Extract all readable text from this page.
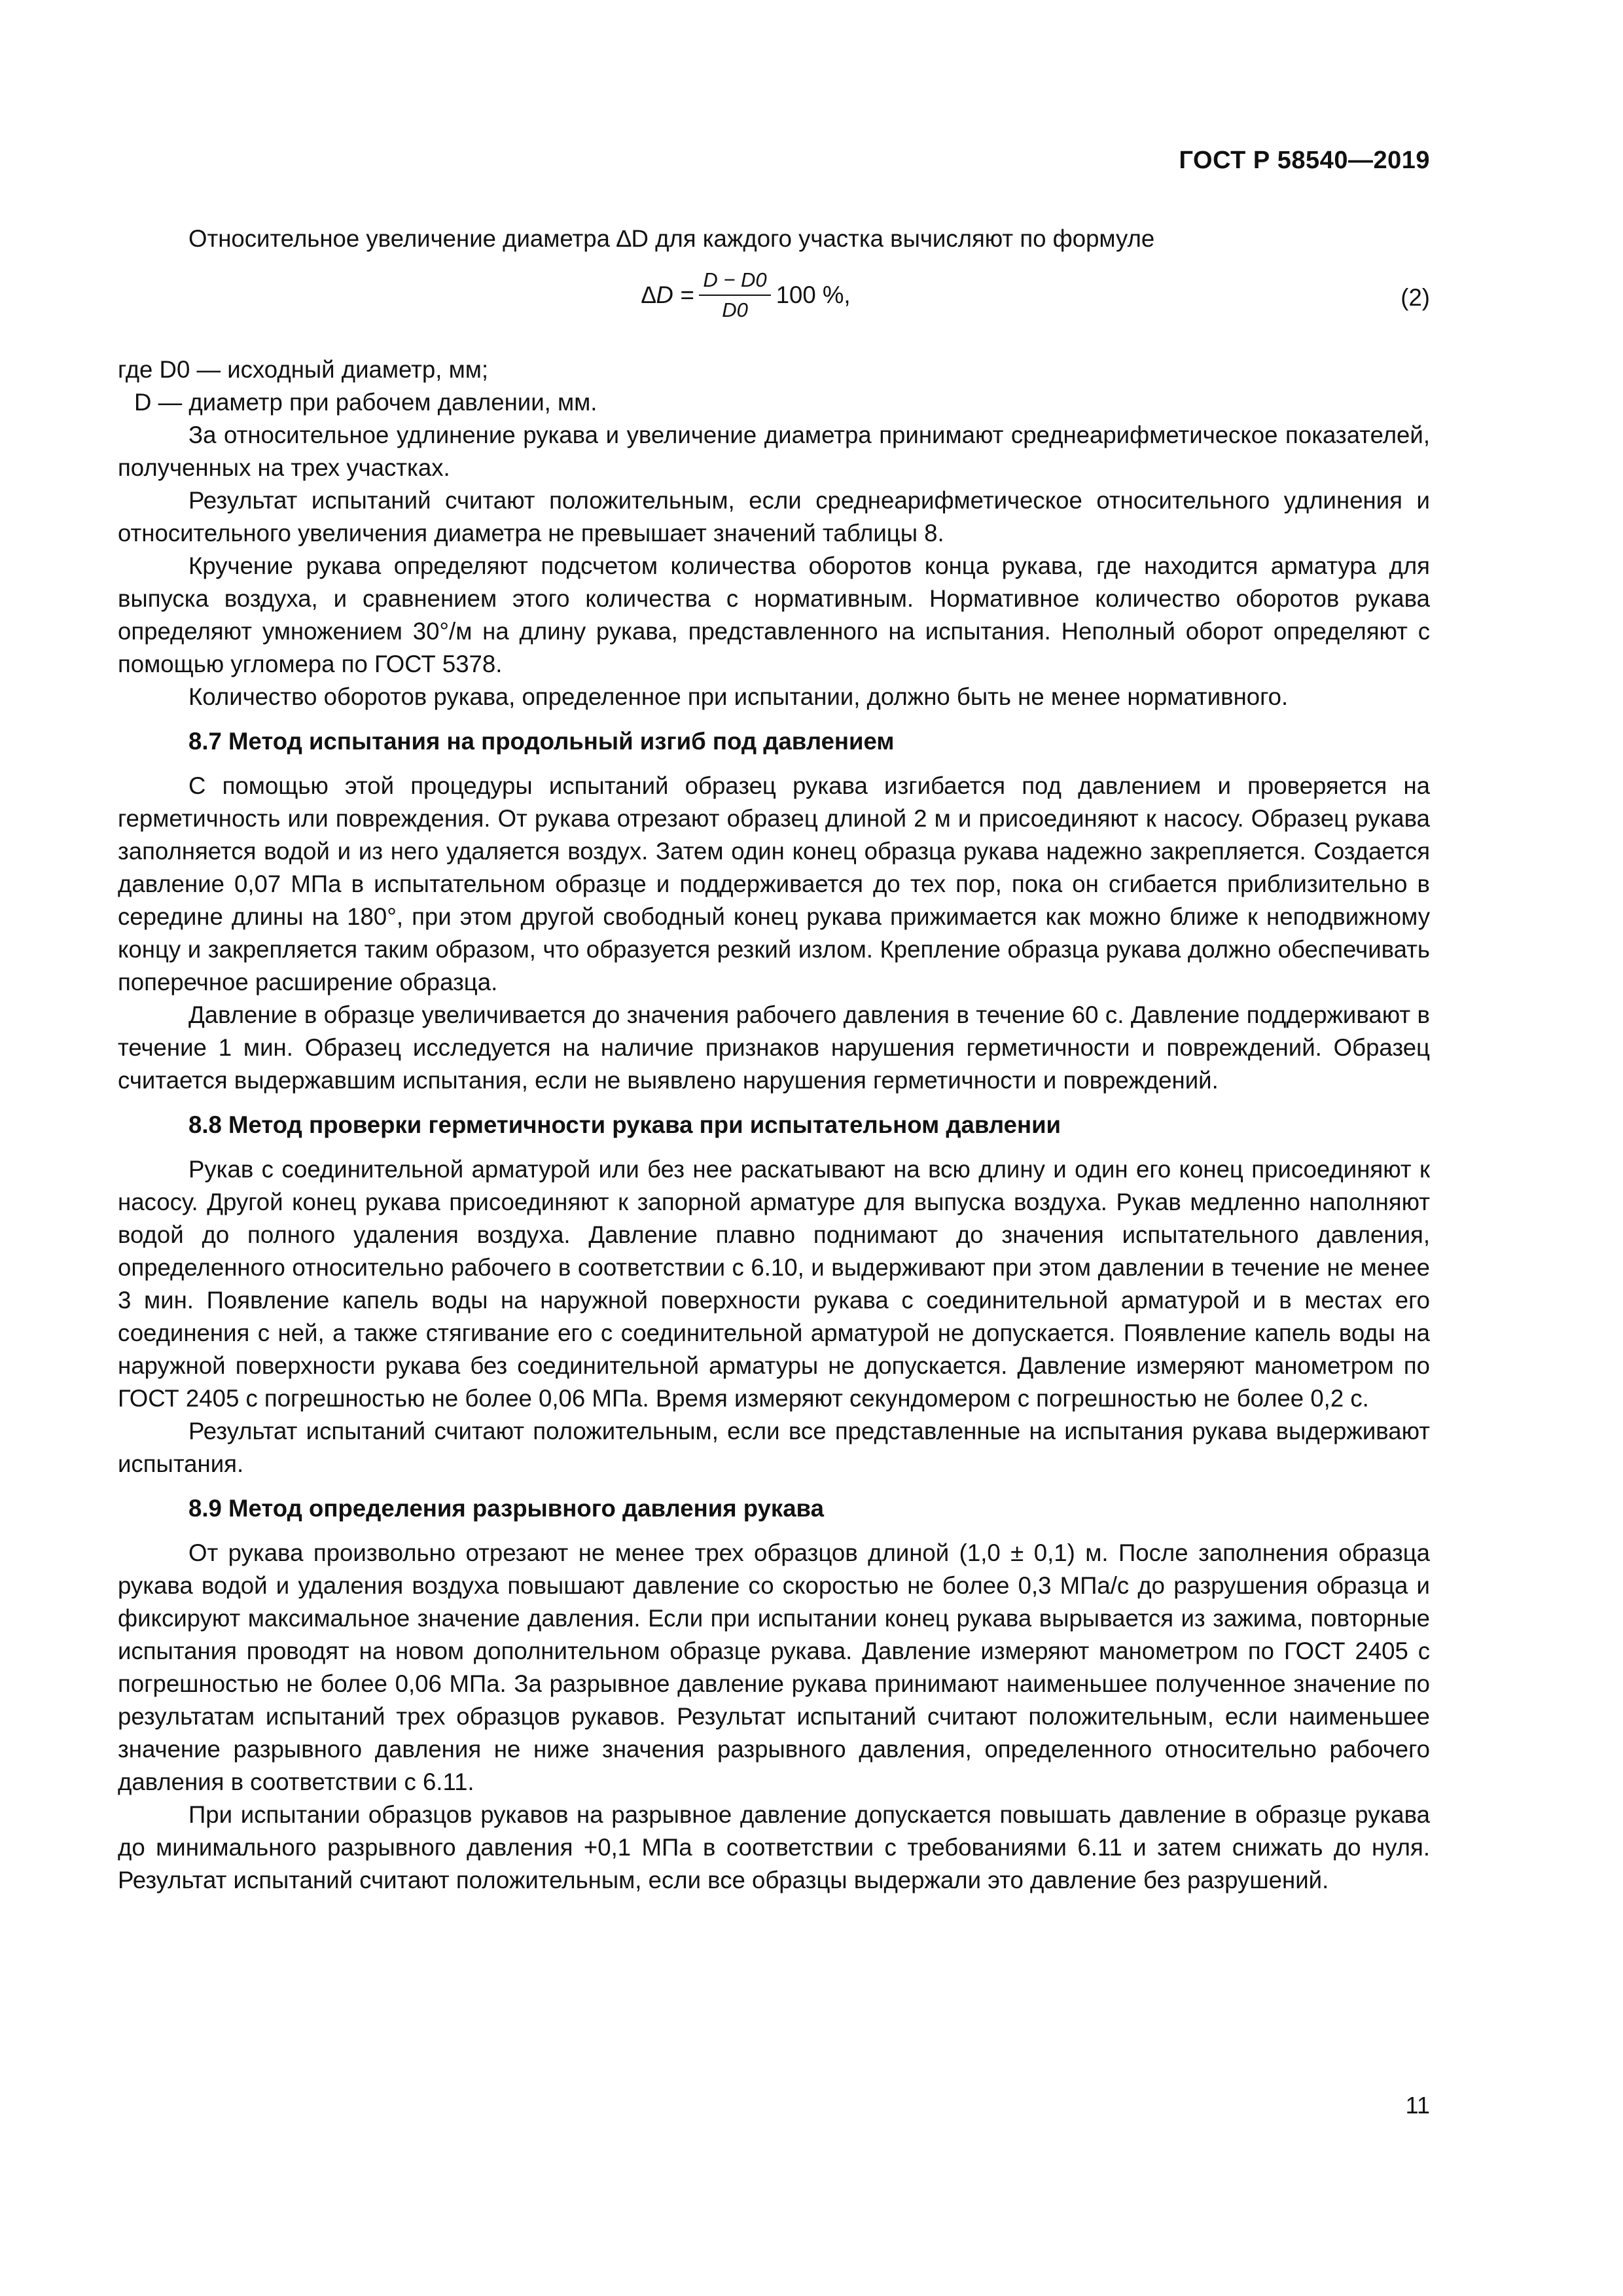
ГОСТ Р 58540—2019

Относительное увеличение диаметра ∆D для каждого участка вычисляют по формуле

$\Delta D = \frac{D - D0}{D0} 100$ %,	(2)

где D0 — исходный диаметр, мм;

D — диаметр при рабочем давлении, мм.

За относительное удлинение рукава и увеличение диаметра принимают среднеарифметическое показателей, полученных на трех участках.

Результат испытаний считают положительным, если среднеарифметическое относительного удлинения и относительного увеличения диаметра не превышает значений таблицы 8.

Кручение рукава определяют подсчетом количества оборотов конца рукава, где находится арматура для выпуска воздуха, и сравнением этого количества с нормативным. Нормативное количество оборотов рукава определяют умножением 30°/м на длину рукава, представленного на испытания. Неполный оборот определяют с помощью угломера по ГОСТ 5378.

Количество оборотов рукава, определенное при испытании, должно быть не менее нормативного.

8.7 Метод испытания на продольный изгиб под давлением

С помощью этой процедуры испытаний образец рукава изгибается под давлением и проверяется на герметичность или повреждения. От рукава отрезают образец длиной 2 м и присоединяют к насосу. Образец рукава заполняется водой и из него удаляется воздух. Затем один конец образца рукава надежно закрепляется. Создается давление 0,07 МПа в испытательном образце и поддерживается до тех пор, пока он сгибается приблизительно в середине длины на 180°, при этом другой свободный конец рукава прижимается как можно ближе к неподвижному концу и закрепляется таким образом, что образуется резкий излом. Крепление образца рукава должно обеспечивать поперечное расширение образца.

Давление в образце увеличивается до значения рабочего давления в течение 60 с. Давление поддерживают в течение 1 мин. Образец исследуется на наличие признаков нарушения герметичности и повреждений. Образец считается выдержавшим испытания, если не выявлено нарушения герметичности и повреждений.

8.8 Метод проверки герметичности рукава при испытательном давлении

Рукав с соединительной арматурой или без нее раскатывают на всю длину и один его конец присоединяют к насосу. Другой конец рукава присоединяют к запорной арматуре для выпуска воздуха. Рукав медленно наполняют водой до полного удаления воздуха. Давление плавно поднимают до значения испытательного давления, определенного относительно рабочего в соответствии с 6.10, и выдерживают при этом давлении в течение не менее 3 мин. Появление капель воды на наружной поверхности рукава с соединительной арматурой и в местах его соединения с ней, а также стягивание его с соединительной арматурой не допускается. Появление капель воды на наружной поверхности рукава без соединительной арматуры не допускается. Давление измеряют манометром по ГОСТ 2405 с погрешностью не более 0,06 МПа. Время измеряют секундомером с погрешностью не более 0,2 с.

Результат испытаний считают положительным, если все представленные на испытания рукава выдерживают испытания.

8.9 Метод определения разрывного давления рукава

От рукава произвольно отрезают не менее трех образцов длиной (1,0 ± 0,1) м. После заполнения образца рукава водой и удаления воздуха повышают давление со скоростью не более 0,3 МПа/с до разрушения образца и фиксируют максимальное значение давления. Если при испытании конец рукава вырывается из зажима, повторные испытания проводят на новом дополнительном образце рукава. Давление измеряют манометром по ГОСТ 2405 с погрешностью не более 0,06 МПа. За разрывное давление рукава принимают наименьшее полученное значение по результатам испытаний трех образцов рукавов. Результат испытаний считают положительным, если наименьшее значение разрывного давления не ниже значения разрывного давления, определенного относительно рабочего давления в соответствии с 6.11.

При испытании образцов рукавов на разрывное давление допускается повышать давление в образце рукава до минимального разрывного давления +0,1 МПа в соответствии с требованиями 6.11 и затем снижать до нуля. Результат испытаний считают положительным, если все образцы выдержали это давление без разрушений.

11
